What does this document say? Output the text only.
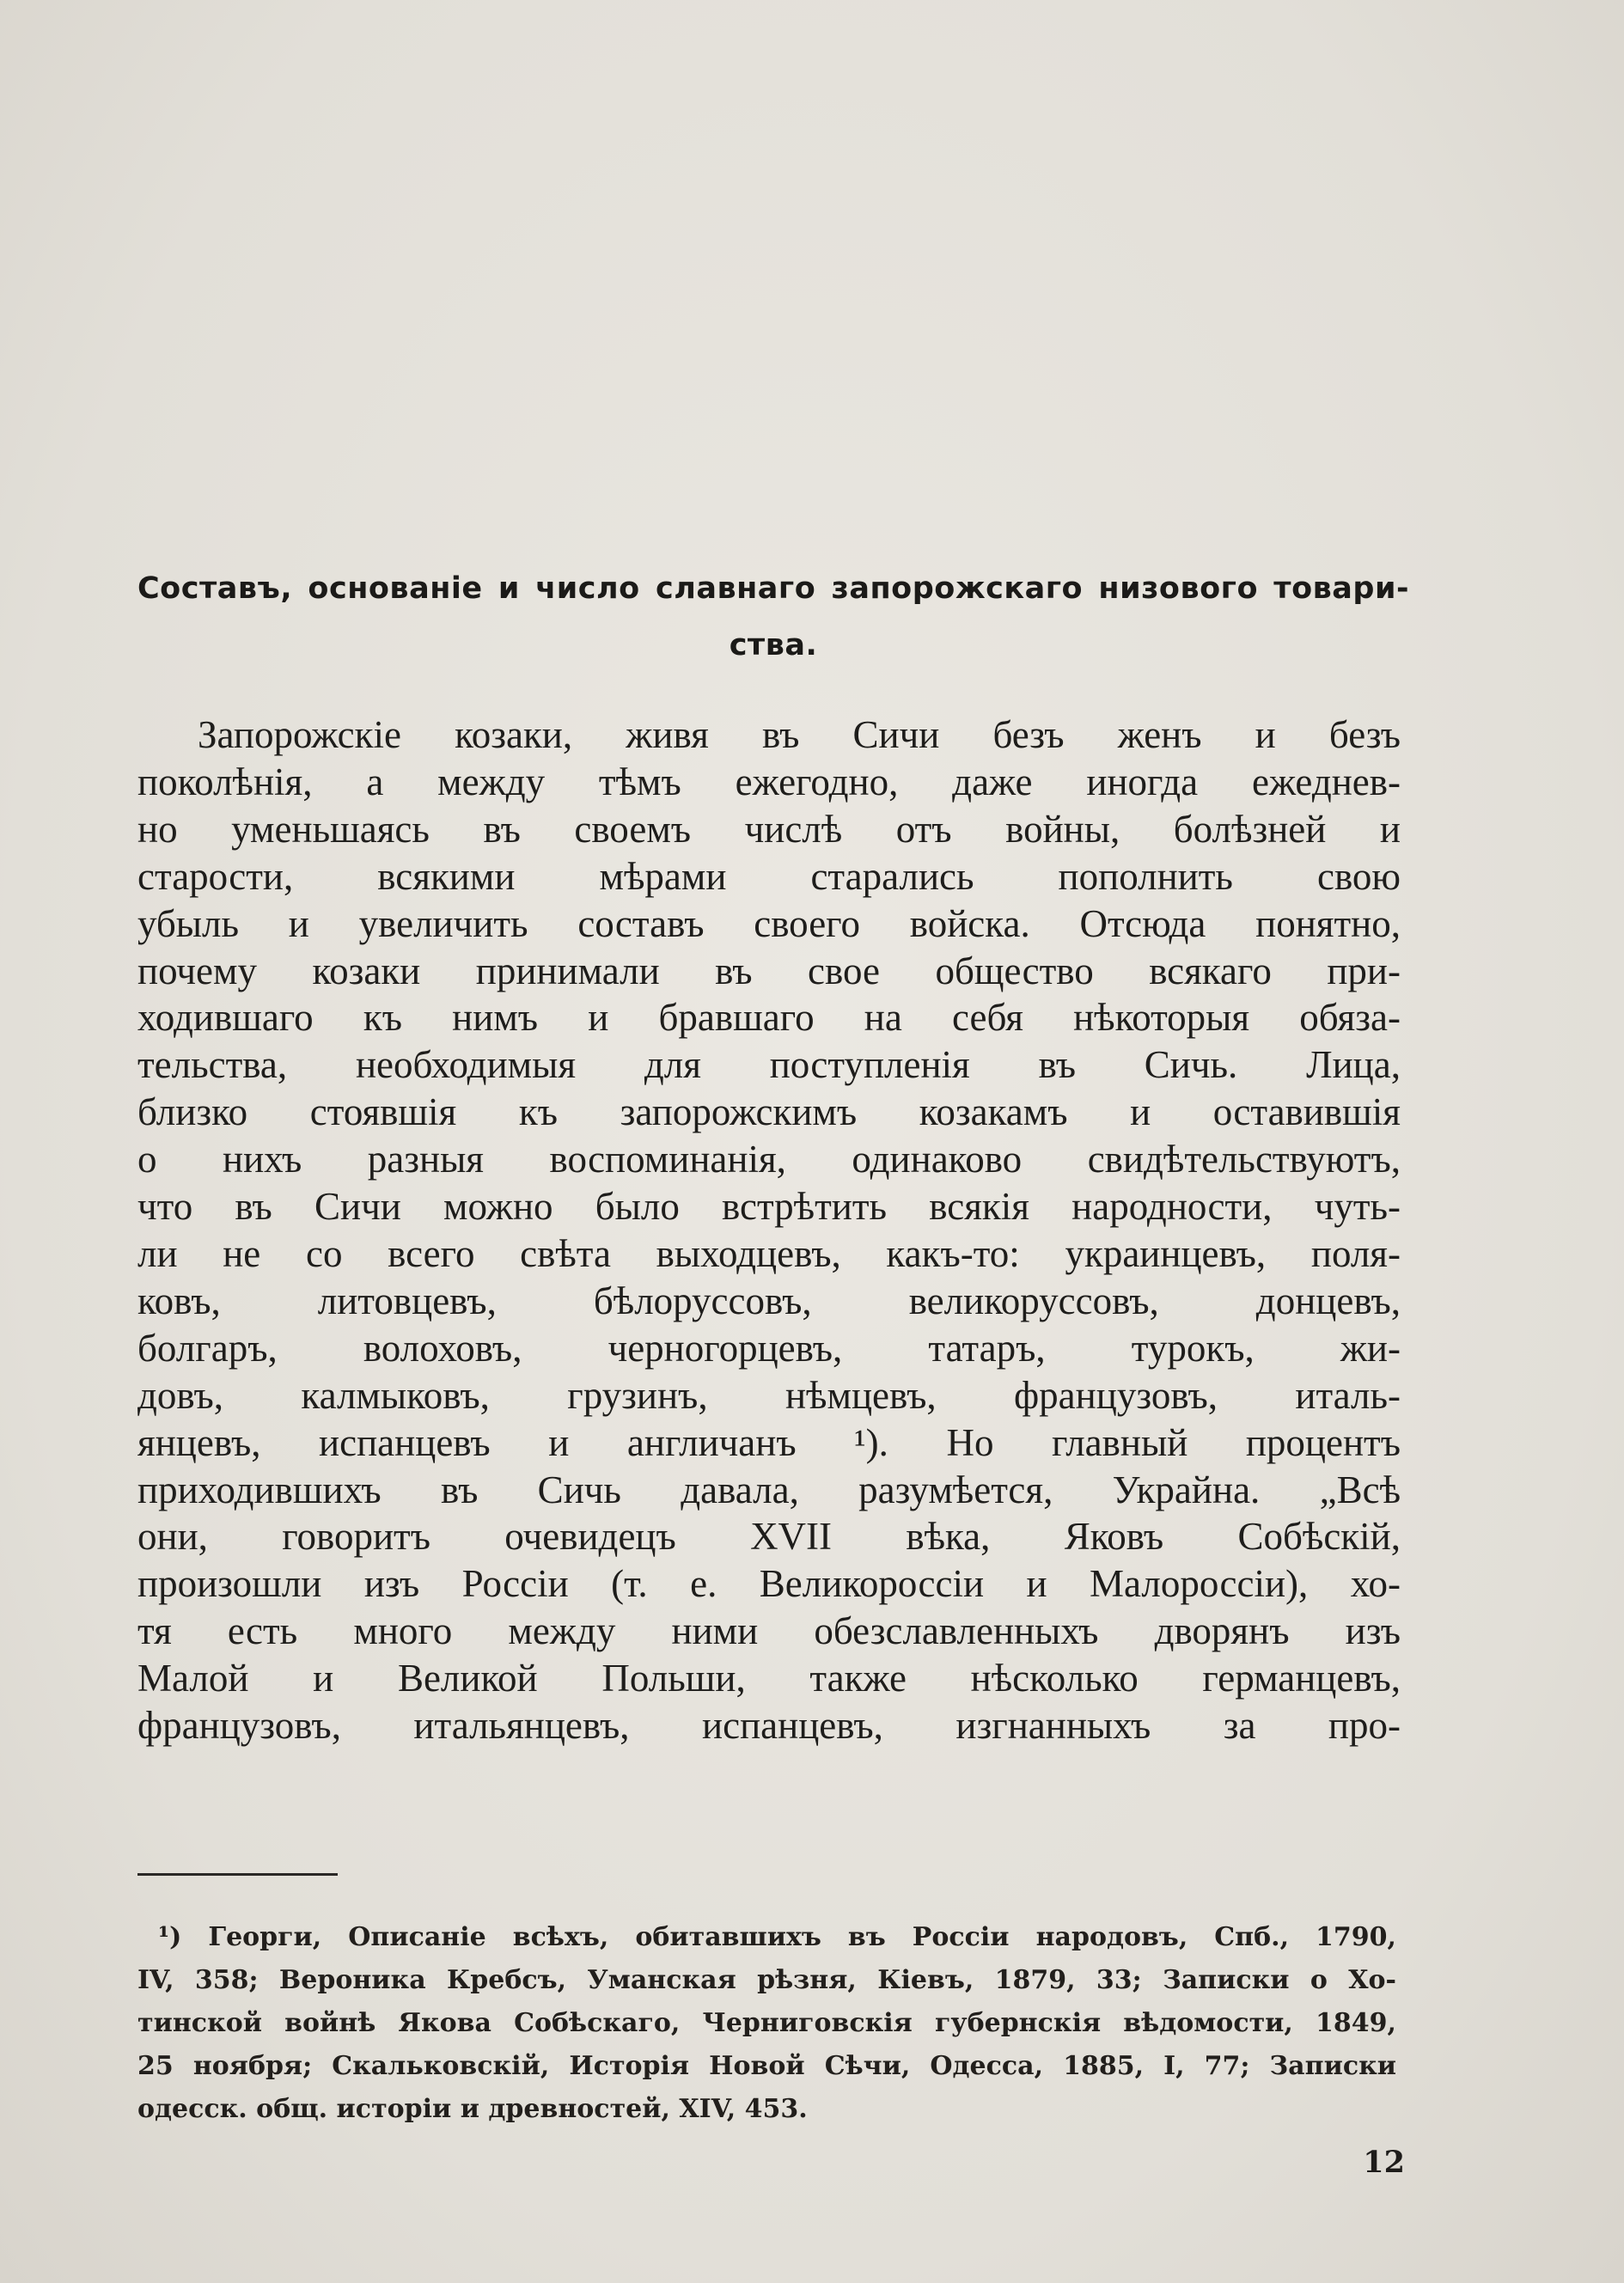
Составъ, основаніе и число славнаго запорожскаго низового товари-
ства.
Запорожскіе козаки, живя въ Сичи безъ женъ и безъ
поколѣнія, а между тѣмъ ежегодно, даже иногда ежеднев-
но уменьшаясь въ своемъ числѣ отъ войны, болѣзней и
старости, всякими мѣрами старались пополнить свою
убыль и увеличить составъ своего войска. Отсюда понятно,
почему козаки принимали въ свое общество всякаго при-
ходившаго къ нимъ и бравшаго на себя нѣкоторыя обяза-
тельства, необходимыя для поступленія въ Сичь. Лица,
близко стоявшія къ запорожскимъ козакамъ и оставившія
о нихъ разныя воспоминанія, одинаково свидѣтельствуютъ,
что въ Сичи можно было встрѣтить всякія народности, чуть-
ли не со всего свѣта выходцевъ, какъ-то: украинцевъ, поля-
ковъ, литовцевъ, бѣлоруссовъ, великоруссовъ, донцевъ,
болгаръ, волоховъ, черногорцевъ, татаръ, турокъ, жи-
довъ, калмыковъ, грузинъ, нѣмцевъ, французовъ, италь-
янцевъ, испанцевъ и англичанъ ¹). Но главный процентъ
приходившихъ въ Сичь давала, разумѣется, Украйна. „Всѣ
они, говоритъ очевидецъ XVII вѣка, Яковъ Собѣскій,
произошли изъ Россіи (т. е. Великороссіи и Малороссіи), хо-
тя есть много между ними обезславленныхъ дворянъ изъ
Малой и Великой Польши, также нѣсколько германцевъ,
французовъ, итальянцевъ, испанцевъ, изгнанныхъ за про-
¹) Георги, Описаніе всѣхъ, обитавшихъ въ Россіи народовъ, Спб., 1790,
IV, 358; Вероника Кребсъ, Уманская рѣзня, Кіевъ, 1879, 33; Записки о Хо-
тинской войнѣ Якова Собѣскаго, Черниговскія губернскія вѣдомости, 1849,
25 ноября; Скальковскій, Исторія Новой Сѣчи, Одесса, 1885, I, 77; Записки
одесск. общ. исторіи и древностей, XIV, 453.
12
